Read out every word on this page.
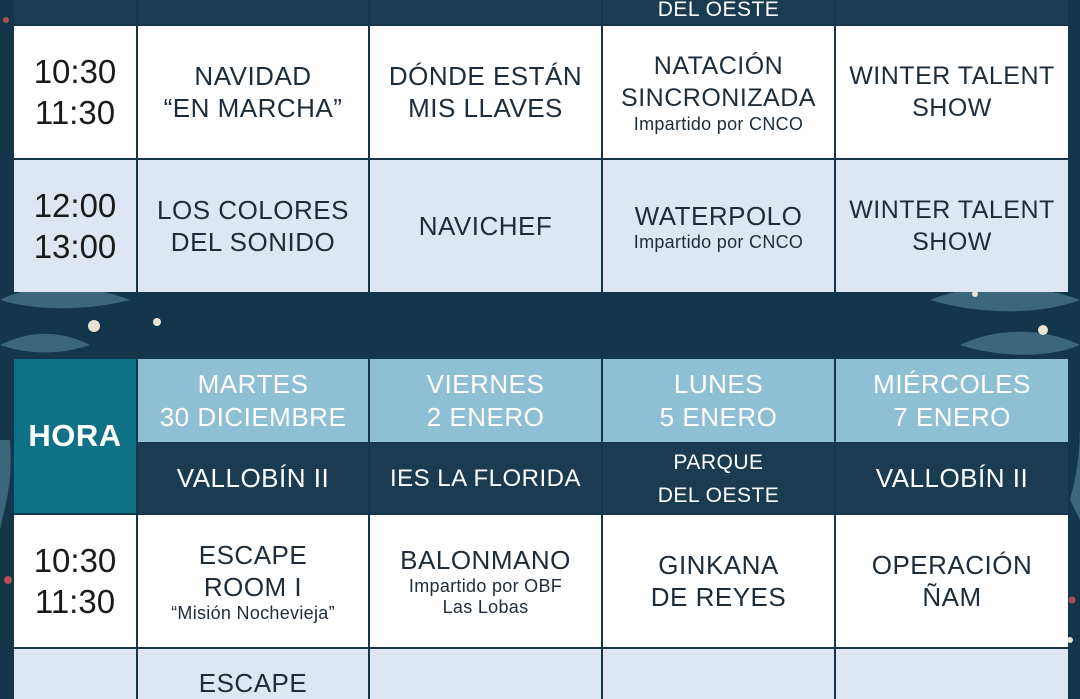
DEL OESTE
10:30
11:30
NAVIDAD
“EN MARCHA”
DÓNDE ESTÁN
MIS LLAVES
NATACIÓN
SINCRONIZADA
Impartido por CNCO
WINTER TALENT
SHOW
12:00
13:00
LOS COLORES
DEL SONIDO
NAVICHEF	WATERPOLO
Impartido por CNCO
WINTER TALENT
SHOW
HORA
MARTES
30 DICIEMBRE
VIERNES
2 ENERO
LUNES
5 ENERO
MIÉRCOLES
7 ENERO
VALLOBÍN II	IES LA FLORIDA
PARQUE
DEL OESTE
VALLOBÍN II
10:30
11:30
ESCAPE
ROOM I
“Misión Nochevieja”
BALONMANO
Impartido por OBF
Las Lobas
GINKANA
DE REYES
OPERACIÓN
ÑAM
ESCAPE
